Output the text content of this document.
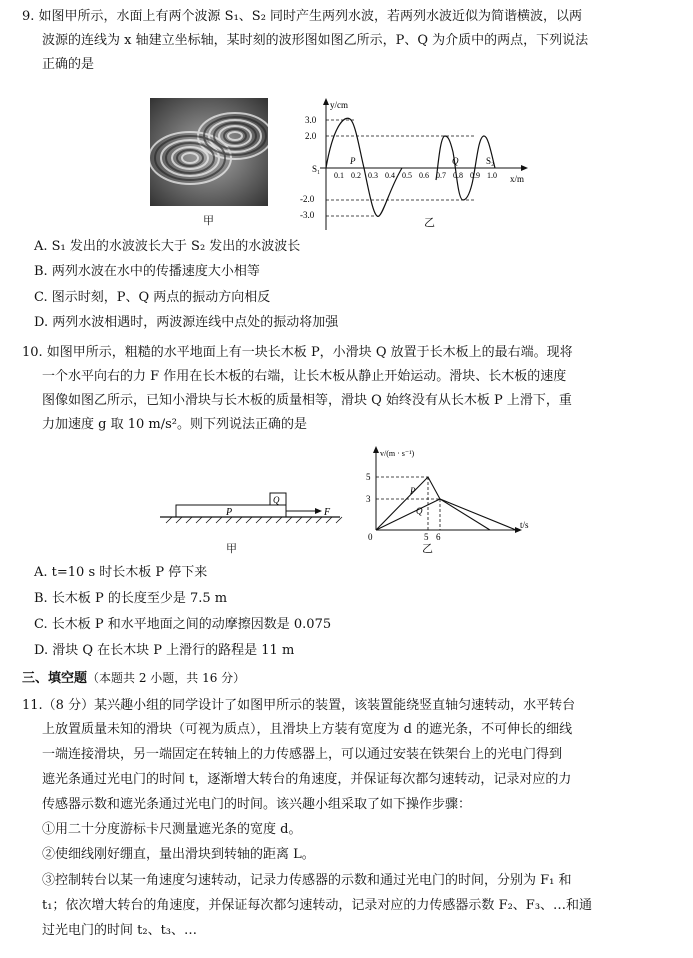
9. 如图甲所示，水面上有两个波源 S₁、S₂ 同时产生两列水波，若两列水波近似为简谐横波，以两
波源的连线为 x 轴建立坐标轴，某时刻的波形图如图乙所示，P、Q 为介质中的两点，下列说法
正确的是
甲
y/cm
x/m
3.0
2.0
-2.0
-3.0
0.1 0.2 0.3 0.4 0.5 0.6 0.7 0.8 0.9 1.0
S₁
S₂
P	Q
乙
A. S₁ 发出的水波波长大于 S₂ 发出的水波波长
B. 两列水波在水中的传播速度大小相等
C. 图示时刻，P、Q 两点的振动方向相反
D. 两列水波相遇时，两波源连线中点处的振动将加强
10. 如图甲所示，粗糙的水平地面上有一块长木板 P，小滑块 Q 放置于长木板上的最右端。现将
一个水平向右的力 F 作用在长木板的右端，让长木板从静止开始运动。滑块、长木板的速度
图像如图乙所示，已知小滑块与长木板的质量相等，滑块 Q 始终没有从长木板 P 上滑下，重
力加速度 g 取 10 m/s²。则下列说法正确的是
P
Q
F
甲
v/(m · s⁻¹)
t/s
5
3
0	5 6
P
Q
乙
A. t=10 s 时长木板 P 停下来
B. 长木板 P 的长度至少是 7.5 m
C. 长木板 P 和水平地面之间的动摩擦因数是 0.075
D. 滑块 Q 在长木块 P 上滑行的路程是 11 m
三、填空题（本题共 2 小题，共 16 分）
11.（8 分）某兴趣小组的同学设计了如图甲所示的装置，该装置能绕竖直轴匀速转动，水平转台
上放置质量未知的滑块（可视为质点），且滑块上方装有宽度为 d 的遮光条，不可伸长的细线
一端连接滑块，另一端固定在转轴上的力传感器上，可以通过安装在铁架台上的光电门得到
遮光条通过光电门的时间 t，逐渐增大转台的角速度，并保证每次都匀速转动，记录对应的力
传感器示数和遮光条通过光电门的时间。该兴趣小组采取了如下操作步骤：
①用二十分度游标卡尺测量遮光条的宽度 d。
②使细线刚好绷直，量出滑块到转轴的距离 L。
③控制转台以某一角速度匀速转动，记录力传感器的示数和通过光电门的时间，分别为 F₁ 和
t₁；依次增大转台的角速度，并保证每次都匀速转动，记录对应的力传感器示数 F₂、F₃、…和通
过光电门的时间 t₂、t₃、…
